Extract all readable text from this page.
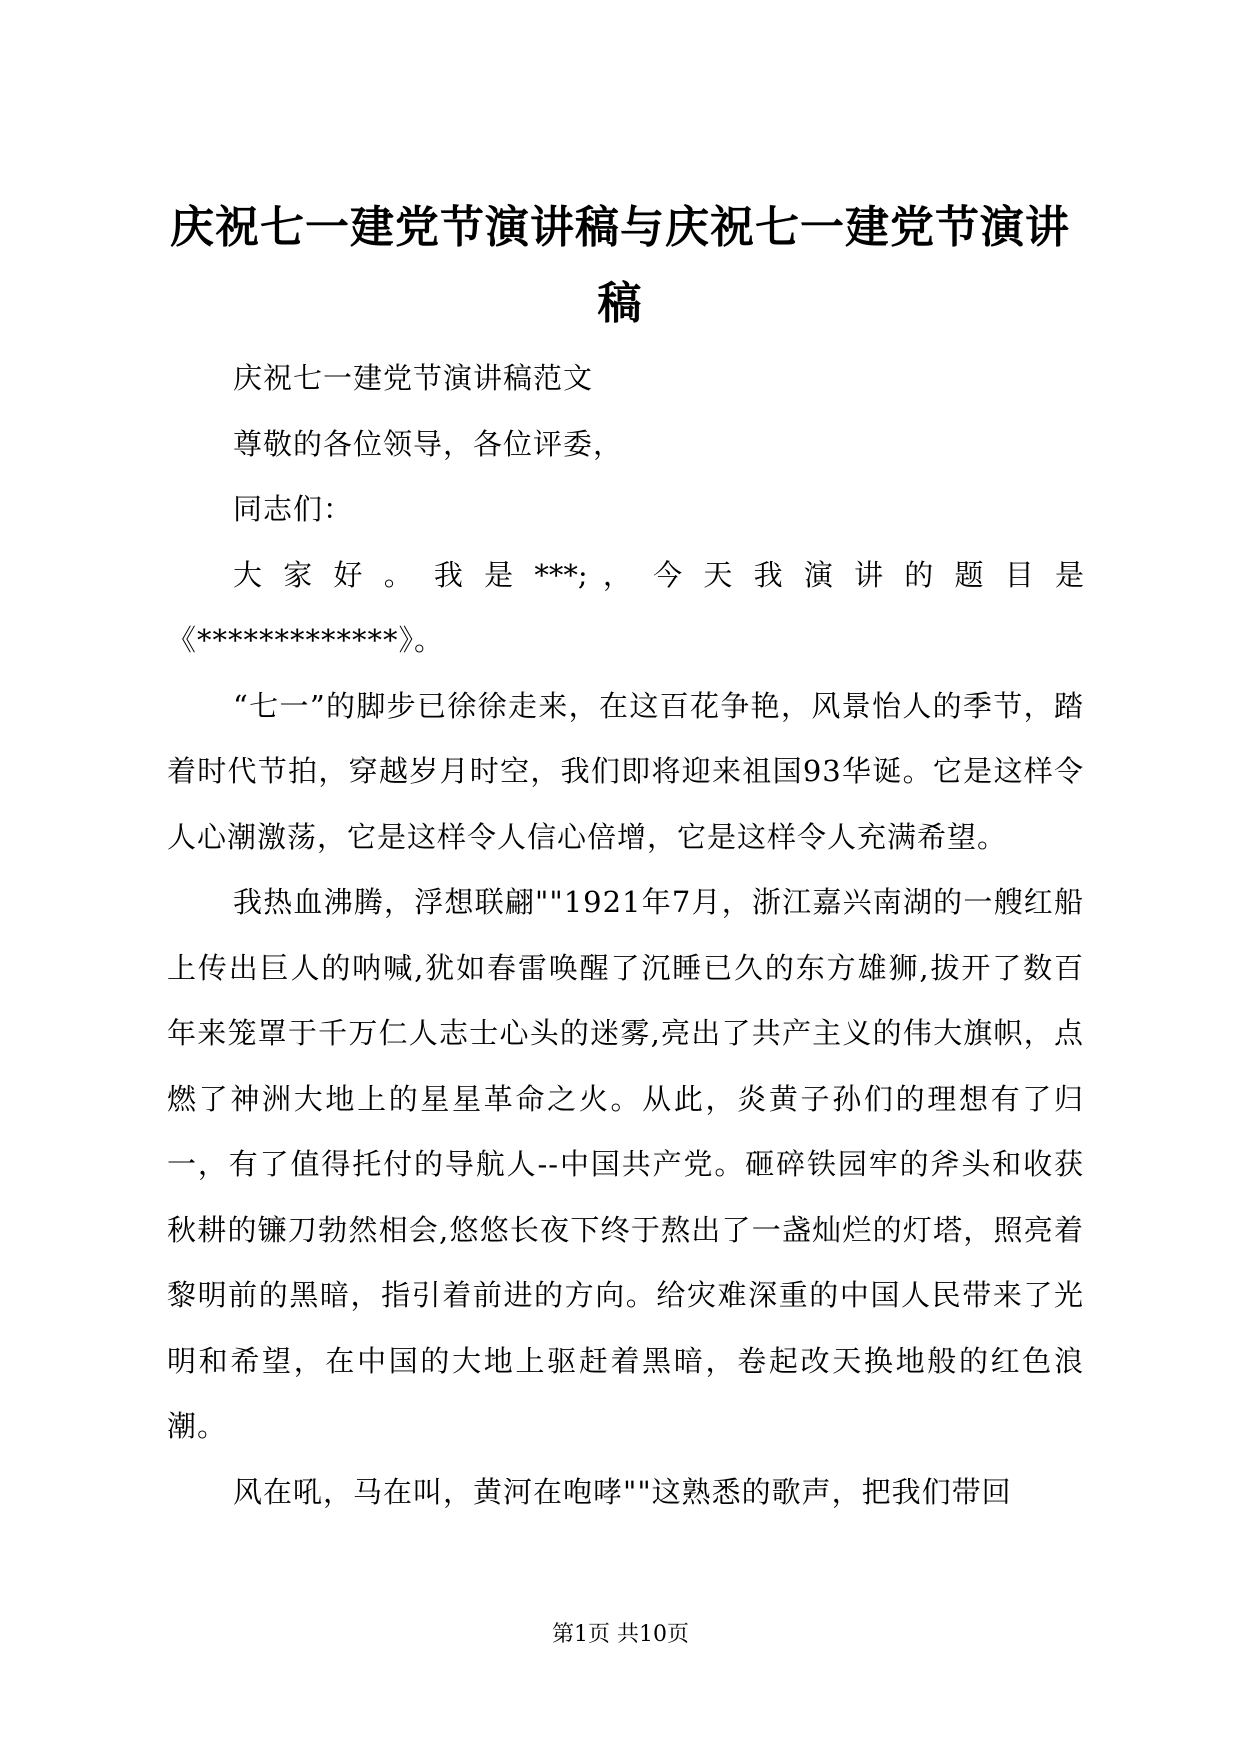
庆祝七一建党节演讲稿与庆祝七一建党节演讲稿

庆祝七一建党节演讲稿范文

尊敬的各位领导，各位评委，

同志们：

大 家 好 。 我 是 ***; ， 今 天 我 演 讲 的 题 目 是

《*************》。

“七一”的脚步已徐徐走来，在这百花争艳，风景怡人的季节，踏着时代节拍，穿越岁月时空，我们即将迎来祖国93华诞。它是这样令人心潮激荡，它是这样令人信心倍增，它是这样令人充满希望。

我热血沸腾，浮想联翩""1921年7月，浙江嘉兴南湖的一艘红船上传出巨人的呐喊,犹如春雷唤醒了沉睡已久的东方雄狮,拔开了数百年来笼罩于千万仁人志士心头的迷雾,亮出了共产主义的伟大旗帜，点燃了神洲大地上的星星革命之火。从此，炎黄子孙们的理想有了归一，有了值得托付的导航人--中国共产党。砸碎铁园牢的斧头和收获秋耕的镰刀勃然相会,悠悠长夜下终于熬出了一盏灿烂的灯塔，照亮着黎明前的黑暗，指引着前进的方向。给灾难深重的中国人民带来了光明和希望，在中国的大地上驱赶着黑暗，卷起改天换地般的红色浪潮。

风在吼，马在叫，黄河在咆哮""这熟悉的歌声，把我们带回

第1页 共10页
